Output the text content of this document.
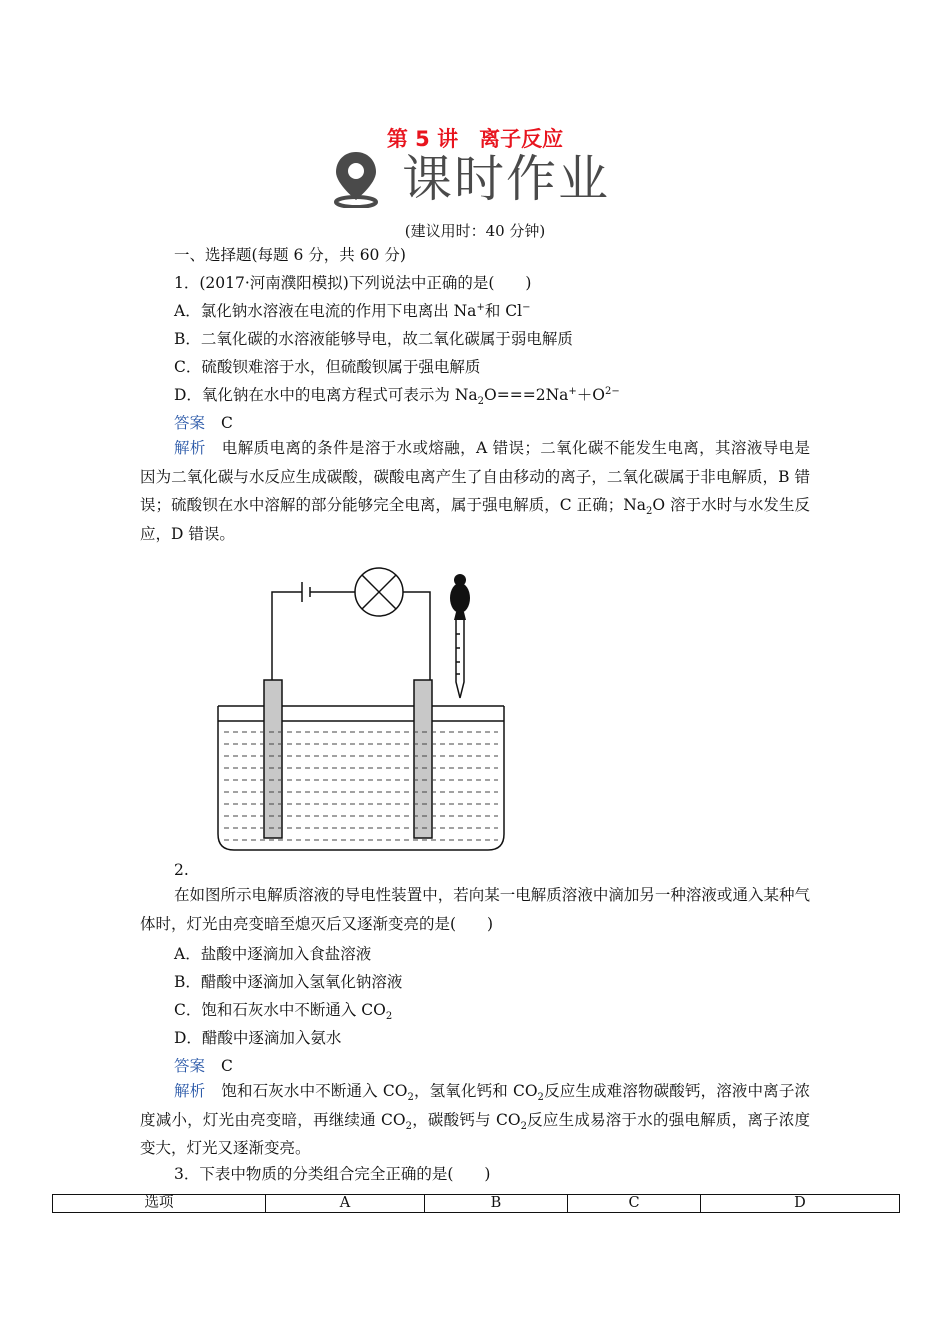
第 5 讲　离子反应
课时作业
(建议用时：40 分钟)
一、选择题(每题 6 分，共 60 分)
1．(2017·河南濮阳模拟)下列说法中正确的是(　　)
A．氯化钠水溶液在电流的作用下电离出 Na+和 Cl−
B．二氧化碳的水溶液能够导电，故二氧化碳属于弱电解质
C．硫酸钡难溶于水，但硫酸钡属于强电解质
D．氧化钠在水中的电离方程式可表示为 $Na_2O===2Na^++O^{2-}$
答案 C
解析 电解质电离的条件是溶于水或熔融，A 错误；二氧化碳不能发生电离，其溶液导电是因为二氧化碳与水反应生成碳酸，碳酸电离产生了自由移动的离子，二氧化碳属于非电解质，B 错误；硫酸钡在水中溶解的部分能够完全电离，属于强电解质，C 正确；$Na_2O$ 溶于水时与水发生反应，D 错误。
2.
在如图所示电解质溶液的导电性装置中，若向某一电解质溶液中滴加另一种溶液或通入某种气体时，灯光由亮变暗至熄灭后又逐渐变亮的是(　　)
A．盐酸中逐滴加入食盐溶液
B．醋酸中逐滴加入氢氧化钠溶液
C．饱和石灰水中不断通入 $CO_2$
D．醋酸中逐滴加入氨水
答案 C
解析 饱和石灰水中不断通入 $CO_2$，氢氧化钙和 $CO_2$反应生成难溶物碳酸钙，溶液中离子浓度减小，灯光由亮变暗，再继续通 $CO_2$，碳酸钙与 $CO_2$反应生成易溶于水的强电解质，离子浓度变大，灯光又逐渐变亮。
3．下表中物质的分类组合完全正确的是(　　)
选项	A	B	C	D
